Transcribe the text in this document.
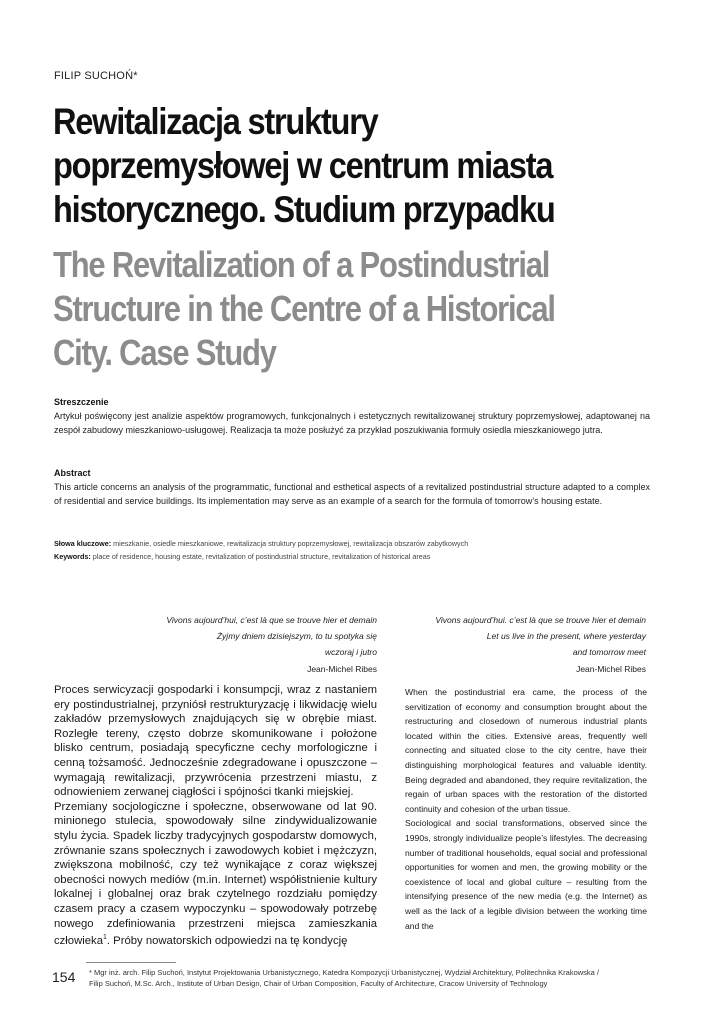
FILIP SUCHOŃ*
Rewitalizacja struktury poprzemysłowej w centrum miasta historycznego. Studium przypadku
The Revitalization of a Postindustrial Structure in the Centre of a Historical City. Case Study
Streszczenie
Artykuł poświęcony jest analizie aspektów programowych, funkcjonalnych i estetycznych rewitalizowanej struktury poprzemysłowej, adaptowanej na zespół zabudowy mieszkaniowo-usługowej. Realizacja ta może posłużyć za przykład poszukiwania formuły osiedla mieszkaniowego jutra.
Abstract
This article concerns an analysis of the programmatic, functional and esthetical aspects of a revitalized postindustrial structure adapted to a complex of residential and service buildings. Its implementation may serve as an example of a search for the formula of tomorrow’s housing estate.
Słowa kluczowe: mieszkanie, osiedle mieszkaniowe, rewitalizacja struktury poprzemysłowej, rewitalizacja obszarów zabytkowych
Keywords: place of residence, housing estate, revitalization of postindustrial structure, revitalization of historical areas
Vivons aujourd’hui, c’est là que se trouve hier et demain
Żyjmy dniem dzisiejszym, to tu spotyka się
wczoraj i jutro
Jean-Michel Ribes
Vivons aujourd’hui. c’est là que se trouve hier et demain
Let us live in the present, where yesterday
and tomorrow meet
Jean-Michel Ribes

Proces serwicyzacji gospodarki i konsumpcji, wraz z nastaniem ery postindustrialnej, przyniósł restrukturyzację i likwidację wielu zakładów przemysłowych znajdujących się w obrębie miast. Rozległe tereny, często dobrze skomunikowane i położone blisko centrum, posiadają specyficzne cechy morfologiczne i cenną tożsamość. Jednocześnie zdegradowane i opuszczone – wymagają rewitalizacji, przywrócenia przestrzeni miastu, z odnowieniem zerwanej ciągłości i spójności tkanki miejskiej.

Przemiany socjologiczne i społeczne, obserwowane od lat 90. minionego stulecia, spowodowały silne zindywidualizowanie stylu życia. Spadek liczby tradycyjnych gospodarstw domowych, zrównanie szans społecznych i zawodowych kobiet i mężczyzn, zwiększona mobilność, czy też wynikające z coraz większej obecności nowych mediów (m.in. Internet) współistnienie kultury lokalnej i globalnej oraz brak czytelnego rozdziału pomiędzy czasem pracy a czasem wypoczynku – spowodowały potrzebę nowego zdefiniowania przestrzeni miejsca zamieszkania człowieka$^1$. Próby nowatorskich odpowiedzi na tę kondycję

When the postindustrial era came, the process of the servitization of economy and consumption brought about the restructuring and closedown of numerous industrial plants located within the cities. Extensive areas, frequently well connecting and situated close to the city centre, have their distinguishing morphological features and valuable identity. Being degraded and abandoned, they require revitalization, the regain of urban spaces with the restoration of the distorted continuity and cohesion of the urban tissue.

Sociological and social transformations, observed since the 1990s, strongly individualize people’s lifestyles. The decreasing number of traditional households, equal social and professional opportunities for women and men, the growing mobility or the coexistence of local and global culture – resulting from the intensifying presence of the new media (e.g. the Internet) as well as the lack of a legible division between the working time and the

154 * Mgr inż. arch. Filip Suchoń, Instytut Projektowania Urbanistycznego, Katedra Kompozycji Urbanistycznej, Wydział Architektury, Politechnika Krakowska /
Filip Suchoń, M.Sc. Arch., Institute of Urban Design, Chair of Urban Composition, Faculty of Architecture, Cracow University of Technology
